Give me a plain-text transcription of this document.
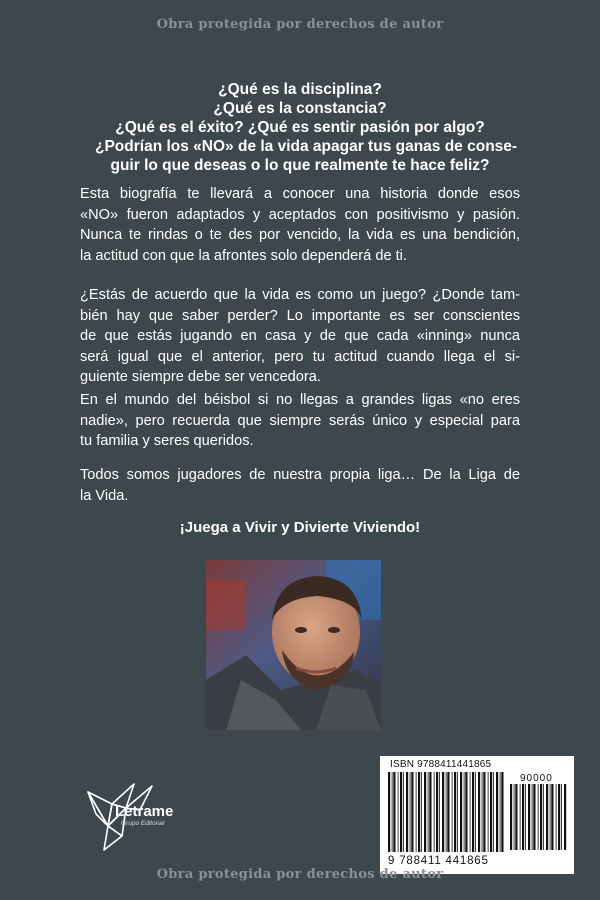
Obra protegida por derechos de autor
¿Qué es la disciplina?
¿Qué es la constancia?
¿Qué es el éxito? ¿Qué es sentir pasión por algo?
¿Podrían los «NO» de la vida apagar tus ganas de conse-
guir lo que deseas o lo que realmente te hace feliz?
Esta biografía te llevará a conocer una historia donde esos
«NO» fueron adaptados y aceptados con positivismo y pasión.
Nunca te rindas o te des por vencido, la vida es una bendición,
la actitud con que la afrontes solo dependerá de ti.
¿Estás de acuerdo que la vida es como un juego? ¿Donde tam-
bién hay que saber perder? Lo importante es ser conscientes
de que estás jugando en casa y de que cada «inning» nunca
será igual que el anterior, pero tu actitud cuando llega el si-
guiente siempre debe ser vencedora.
En el mundo del béisbol si no llegas a grandes ligas «no eres
nadie», pero recuerda que siempre serás único y especial para
tu familia y seres queridos.
Todos somos jugadores de nuestra propia liga… De la Liga de
la Vida.
¡Juega a Vivir y Divierte Viviendo!
Letrame
Grupo Editorial
ISBN 9788411441865
90000
9 788411 441865
Obra protegida por derechos de autor
